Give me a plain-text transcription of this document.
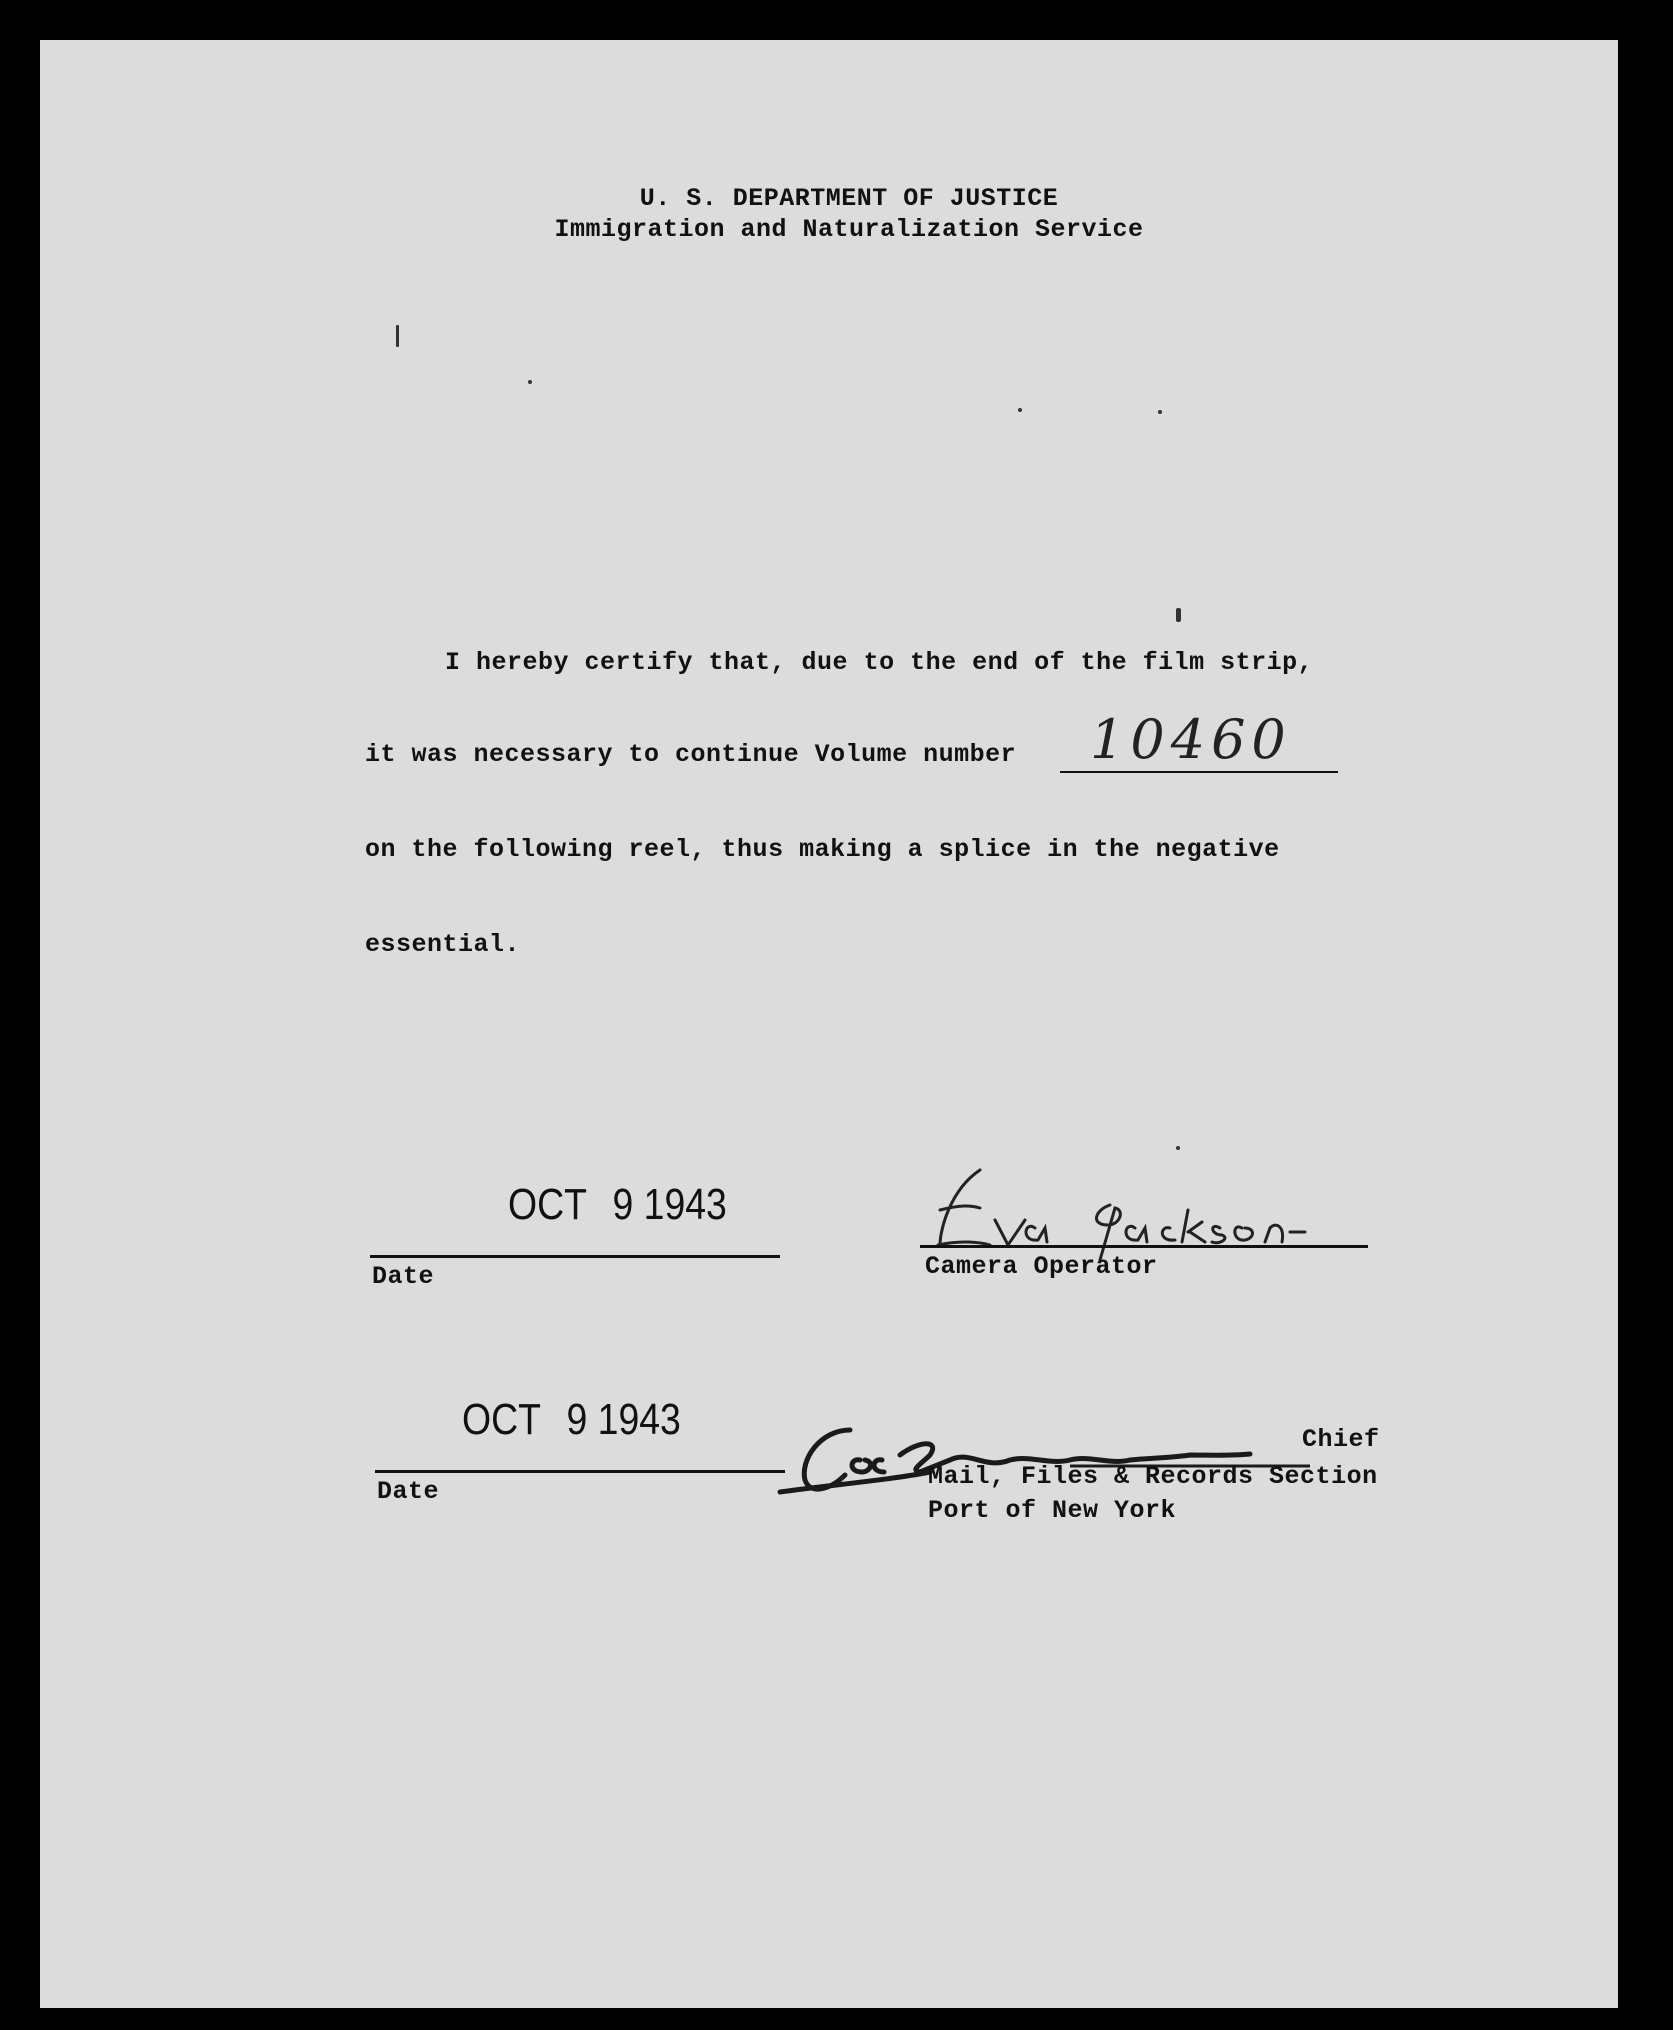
U. S. DEPARTMENT OF JUSTICE
Immigration and Naturalization Service
I hereby certify that, due to the end of the film strip,
it was necessary to continue Volume number 10460
on the following reel, thus making a splice in the negative
essential.
OCT 9 1943
Date	Camera Operator
OCT 9 1943
Date
Chief
Mail, Files & Records Section
Port of New York
